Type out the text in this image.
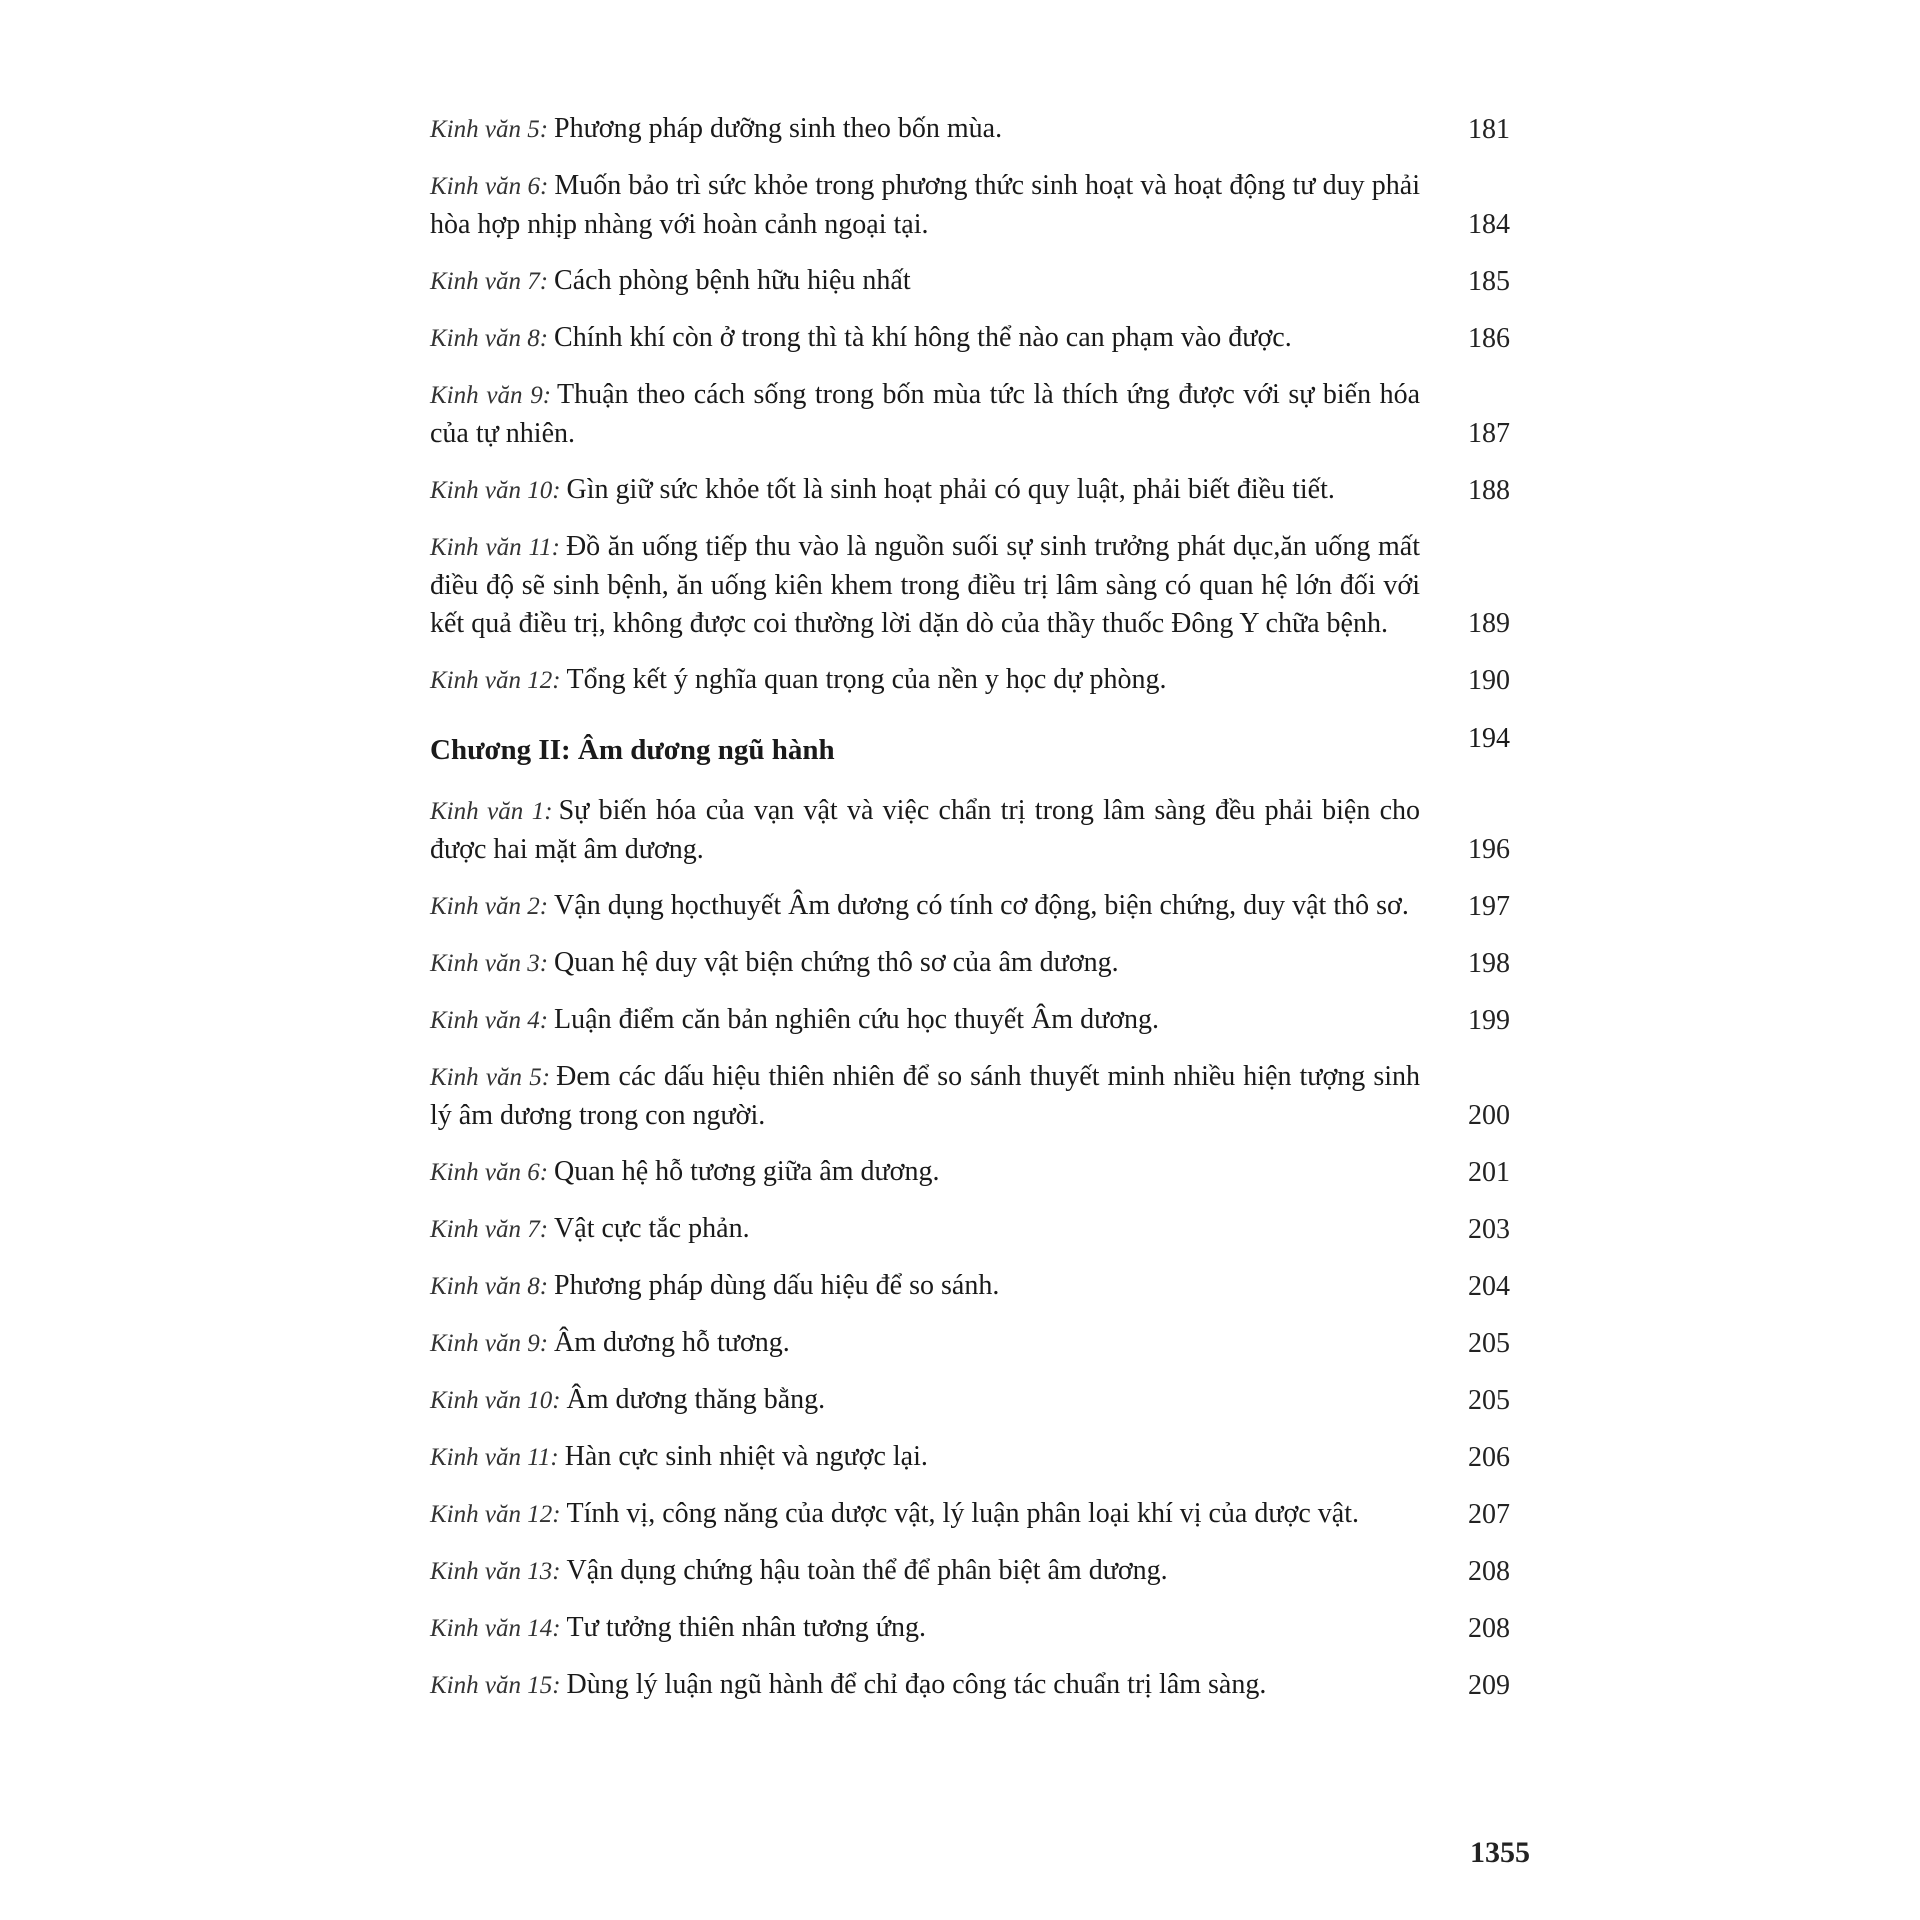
Kinh văn 5: Phương pháp dưỡng sinh theo bốn mùa.	181
Kinh văn 6: Muốn bảo trì sức khỏe trong phương thức sinh hoạt và hoạt động tư duy phải hòa hợp nhịp nhàng với hoàn cảnh ngoại tại.	184
Kinh văn 7: Cách phòng bệnh hữu hiệu nhất	185
Kinh văn 8: Chính khí còn ở trong thì tà khí hông thể nào can phạm vào được.	186
Kinh văn 9: Thuận theo cách sống trong bốn mùa tức là thích ứng được với sự biến hóa của tự nhiên.	187
Kinh văn 10: Gìn giữ sức khỏe tốt là sinh hoạt phải có quy luật, phải biết điều tiết.	188
Kinh văn 11: Đồ ăn uống tiếp thu vào là nguồn suối sự sinh trưởng phát dục,ăn uống mất điều độ sẽ sinh bệnh, ăn uống kiên khem trong điều trị lâm sàng có quan hệ lớn đối với kết quả điều trị, không được coi thường lời dặn dò của thầy thuốc Đông Y chữa bệnh.	189
Kinh văn 12: Tổng kết ý nghĩa quan trọng của nền y học dự phòng.	190
Chương II: Âm dương ngũ hành	194
Kinh văn 1: Sự biến hóa của vạn vật và việc chẩn trị trong lâm sàng đều phải biện cho được hai mặt âm dương.	196
Kinh văn 2: Vận dụng họcthuyết Âm dương có tính cơ động, biện chứng, duy vật thô sơ.	197
Kinh văn 3: Quan hệ duy vật biện chứng thô sơ của âm dương.	198
Kinh văn 4: Luận điểm căn bản nghiên cứu học thuyết Âm dương.	199
Kinh văn 5: Đem các dấu hiệu thiên nhiên để so sánh thuyết minh nhiều hiện tượng sinh lý âm dương trong con người.	200
Kinh văn 6: Quan hệ hỗ tương giữa âm dương.	201
Kinh văn 7: Vật cực tắc phản.	203
Kinh văn 8: Phương pháp dùng dấu hiệu để so sánh.	204
Kinh văn 9: Âm dương hỗ tương.	205
Kinh văn 10: Âm dương thăng bằng.	205
Kinh văn 11: Hàn cực sinh nhiệt và ngược lại.	206
Kinh văn 12: Tính vị, công năng của dược vật, lý luận phân loại khí vị của dược vật.	207
Kinh văn 13: Vận dụng chứng hậu toàn thể để phân biệt âm dương.	208
Kinh văn 14: Tư tưởng thiên nhân tương ứng.	208
Kinh văn 15: Dùng lý luận ngũ hành để chỉ đạo công tác chuẩn trị lâm sàng.	209
1355
